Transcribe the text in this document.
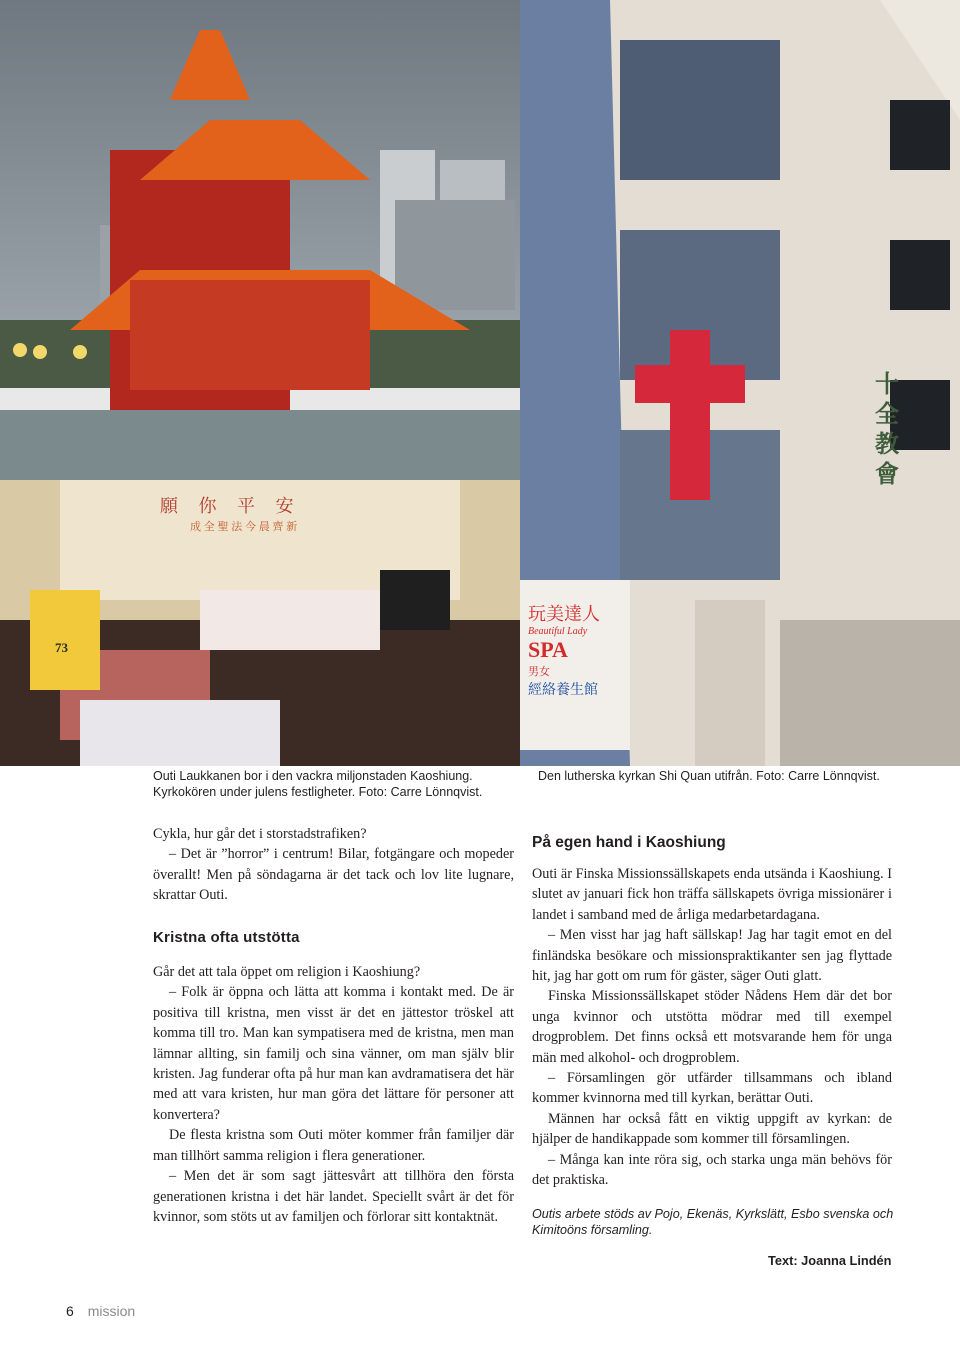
願 你 平 安
成 全 聖 法 今 晨 齊 新
73
十全教會
玩美達人
Beautiful Lady
SPA
男女
經絡養生館

Outi Laukkanen bor i den vackra miljonstaden Kaoshiung.

Kyrkokören under julens festligheter. Foto: Carre Lönnqvist.

Den lutherska kyrkan Shi Quan utifrån. Foto: Carre Lönnqvist.

Cykla, hur går det i storstadstrafiken?

– Det är ”horror” i centrum! Bilar, fotgängare och mopeder överallt! Men på söndagarna är det tack och lov lite lugnare, skrattar Outi.

Kristna ofta utstötta

Går det att tala öppet om religion i Kaoshiung?

– Folk är öppna och lätta att komma i kontakt med. De är positiva till kristna, men visst är det en jättestor tröskel att komma till tro. Man kan sympatisera med de kristna, men man lämnar allting, sin familj och sina vänner, om man själv blir kristen. Jag funderar ofta på hur man kan avdramatisera det här med att vara kristen, hur man göra det lättare för personer att konvertera?

De flesta kristna som Outi möter kommer från familjer där man tillhört samma religion i flera generationer.

– Men det är som sagt jättesvårt att tillhöra den första generationen kristna i det här landet. Speciellt svårt är det för kvinnor, som stöts ut av familjen och förlorar sitt kontaktnät.

På egen hand i Kaoshiung

Outi är Finska Missionssällskapets enda utsända i Kaoshiung. I slutet av januari fick hon träffa sällskapets övriga missionärer i landet i samband med de årliga medarbetardagana.

– Men visst har jag haft sällskap! Jag har tagit emot en del finländska besökare och missionspraktikanter sen jag flyttade hit, jag har gott om rum för gäster, säger Outi glatt.

Finska Missionssällskapet stöder Nådens Hem där det bor unga kvinnor och utstötta mödrar med till exempel drogproblem. Det finns också ett motsvarande hem för unga män med alkohol- och drogproblem.

– Församlingen gör utfärder tillsammans och ibland kommer kvinnorna med till kyrkan, berättar Outi.

Männen har också fått en viktig uppgift av kyrkan: de hjälper de handikappade som kommer till församlingen.

– Många kan inte röra sig, och starka unga män behövs för det praktiska.

Outis arbete stöds av Pojo, Ekenäs, Kyrkslätt, Esbo svenska och Kimitoöns församling.
Text: Joanna Lindén
6 mission
